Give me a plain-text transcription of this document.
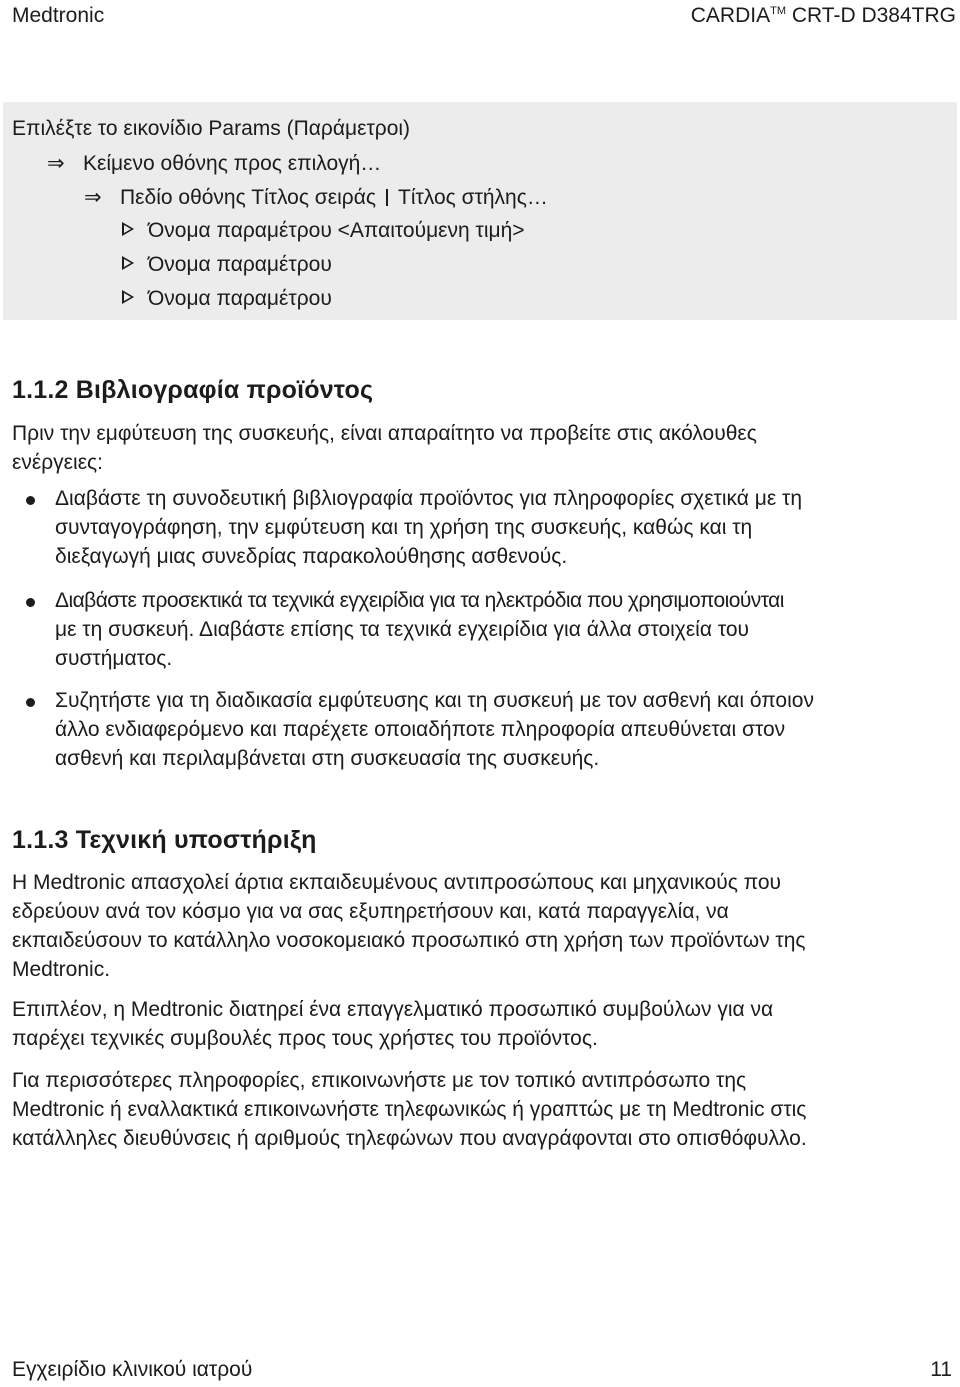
Medtronic	CARDIA™ CRT-D D384TRG
Επιλέξτε το εικονίδιο Params (Παράμετροι)
⇒ Κείμενο οθόνης προς επιλογή…
⇒ Πεδίο οθόνης Τίτλος σειράς Τίτλος στήλης…
Όνομα παραμέτρου <Απαιτούμενη τιμή>
Όνομα παραμέτρου
Όνομα παραμέτρου
1.1.2 Βιβλιογραφία προϊόντος
Πριν την εμφύτευση της συσκευής, είναι απαραίτητο να προβείτε στις ακόλουθες
ενέργειες:
Διαβάστε τη συνοδευτική βιβλιογραφία προϊόντος για πληροφορίες σχετικά με τη
συνταγογράφηση, την εμφύτευση και τη χρήση της συσκευής, καθώς και τη
διεξαγωγή μιας συνεδρίας παρακολούθησης ασθενούς.
Διαβάστε προσεκτικά τα τεχνικά εγχειρίδια για τα ηλεκτρόδια που χρησιμοποιούνται
με τη συσκευή. Διαβάστε επίσης τα τεχνικά εγχειρίδια για άλλα στοιχεία του
συστήματος.
Συζητήστε για τη διαδικασία εμφύτευσης και τη συσκευή με τον ασθενή και όποιον
άλλο ενδιαφερόμενο και παρέχετε οποιαδήποτε πληροφορία απευθύνεται στον
ασθενή και περιλαμβάνεται στη συσκευασία της συσκευής.
1.1.3 Τεχνική υποστήριξη
Η Medtronic απασχολεί άρτια εκπαιδευμένους αντιπροσώπους και μηχανικούς που
εδρεύουν ανά τον κόσμο για να σας εξυπηρετήσουν και, κατά παραγγελία, να
εκπαιδεύσουν το κατάλληλο νοσοκομειακό προσωπικό στη χρήση των προϊόντων της
Medtronic.
Επιπλέον, η Medtronic διατηρεί ένα επαγγελματικό προσωπικό συμβούλων για να
παρέχει τεχνικές συμβουλές προς τους χρήστες του προϊόντος.
Για περισσότερες πληροφορίες, επικοινωνήστε με τον τοπικό αντιπρόσωπο της
Medtronic ή εναλλακτικά επικοινωνήστε τηλεφωνικώς ή γραπτώς με τη Medtronic στις
κατάλληλες διευθύνσεις ή αριθμούς τηλεφώνων που αναγράφονται στο οπισθόφυλλο.
Εγχειρίδιο κλινικού ιατρού	11
